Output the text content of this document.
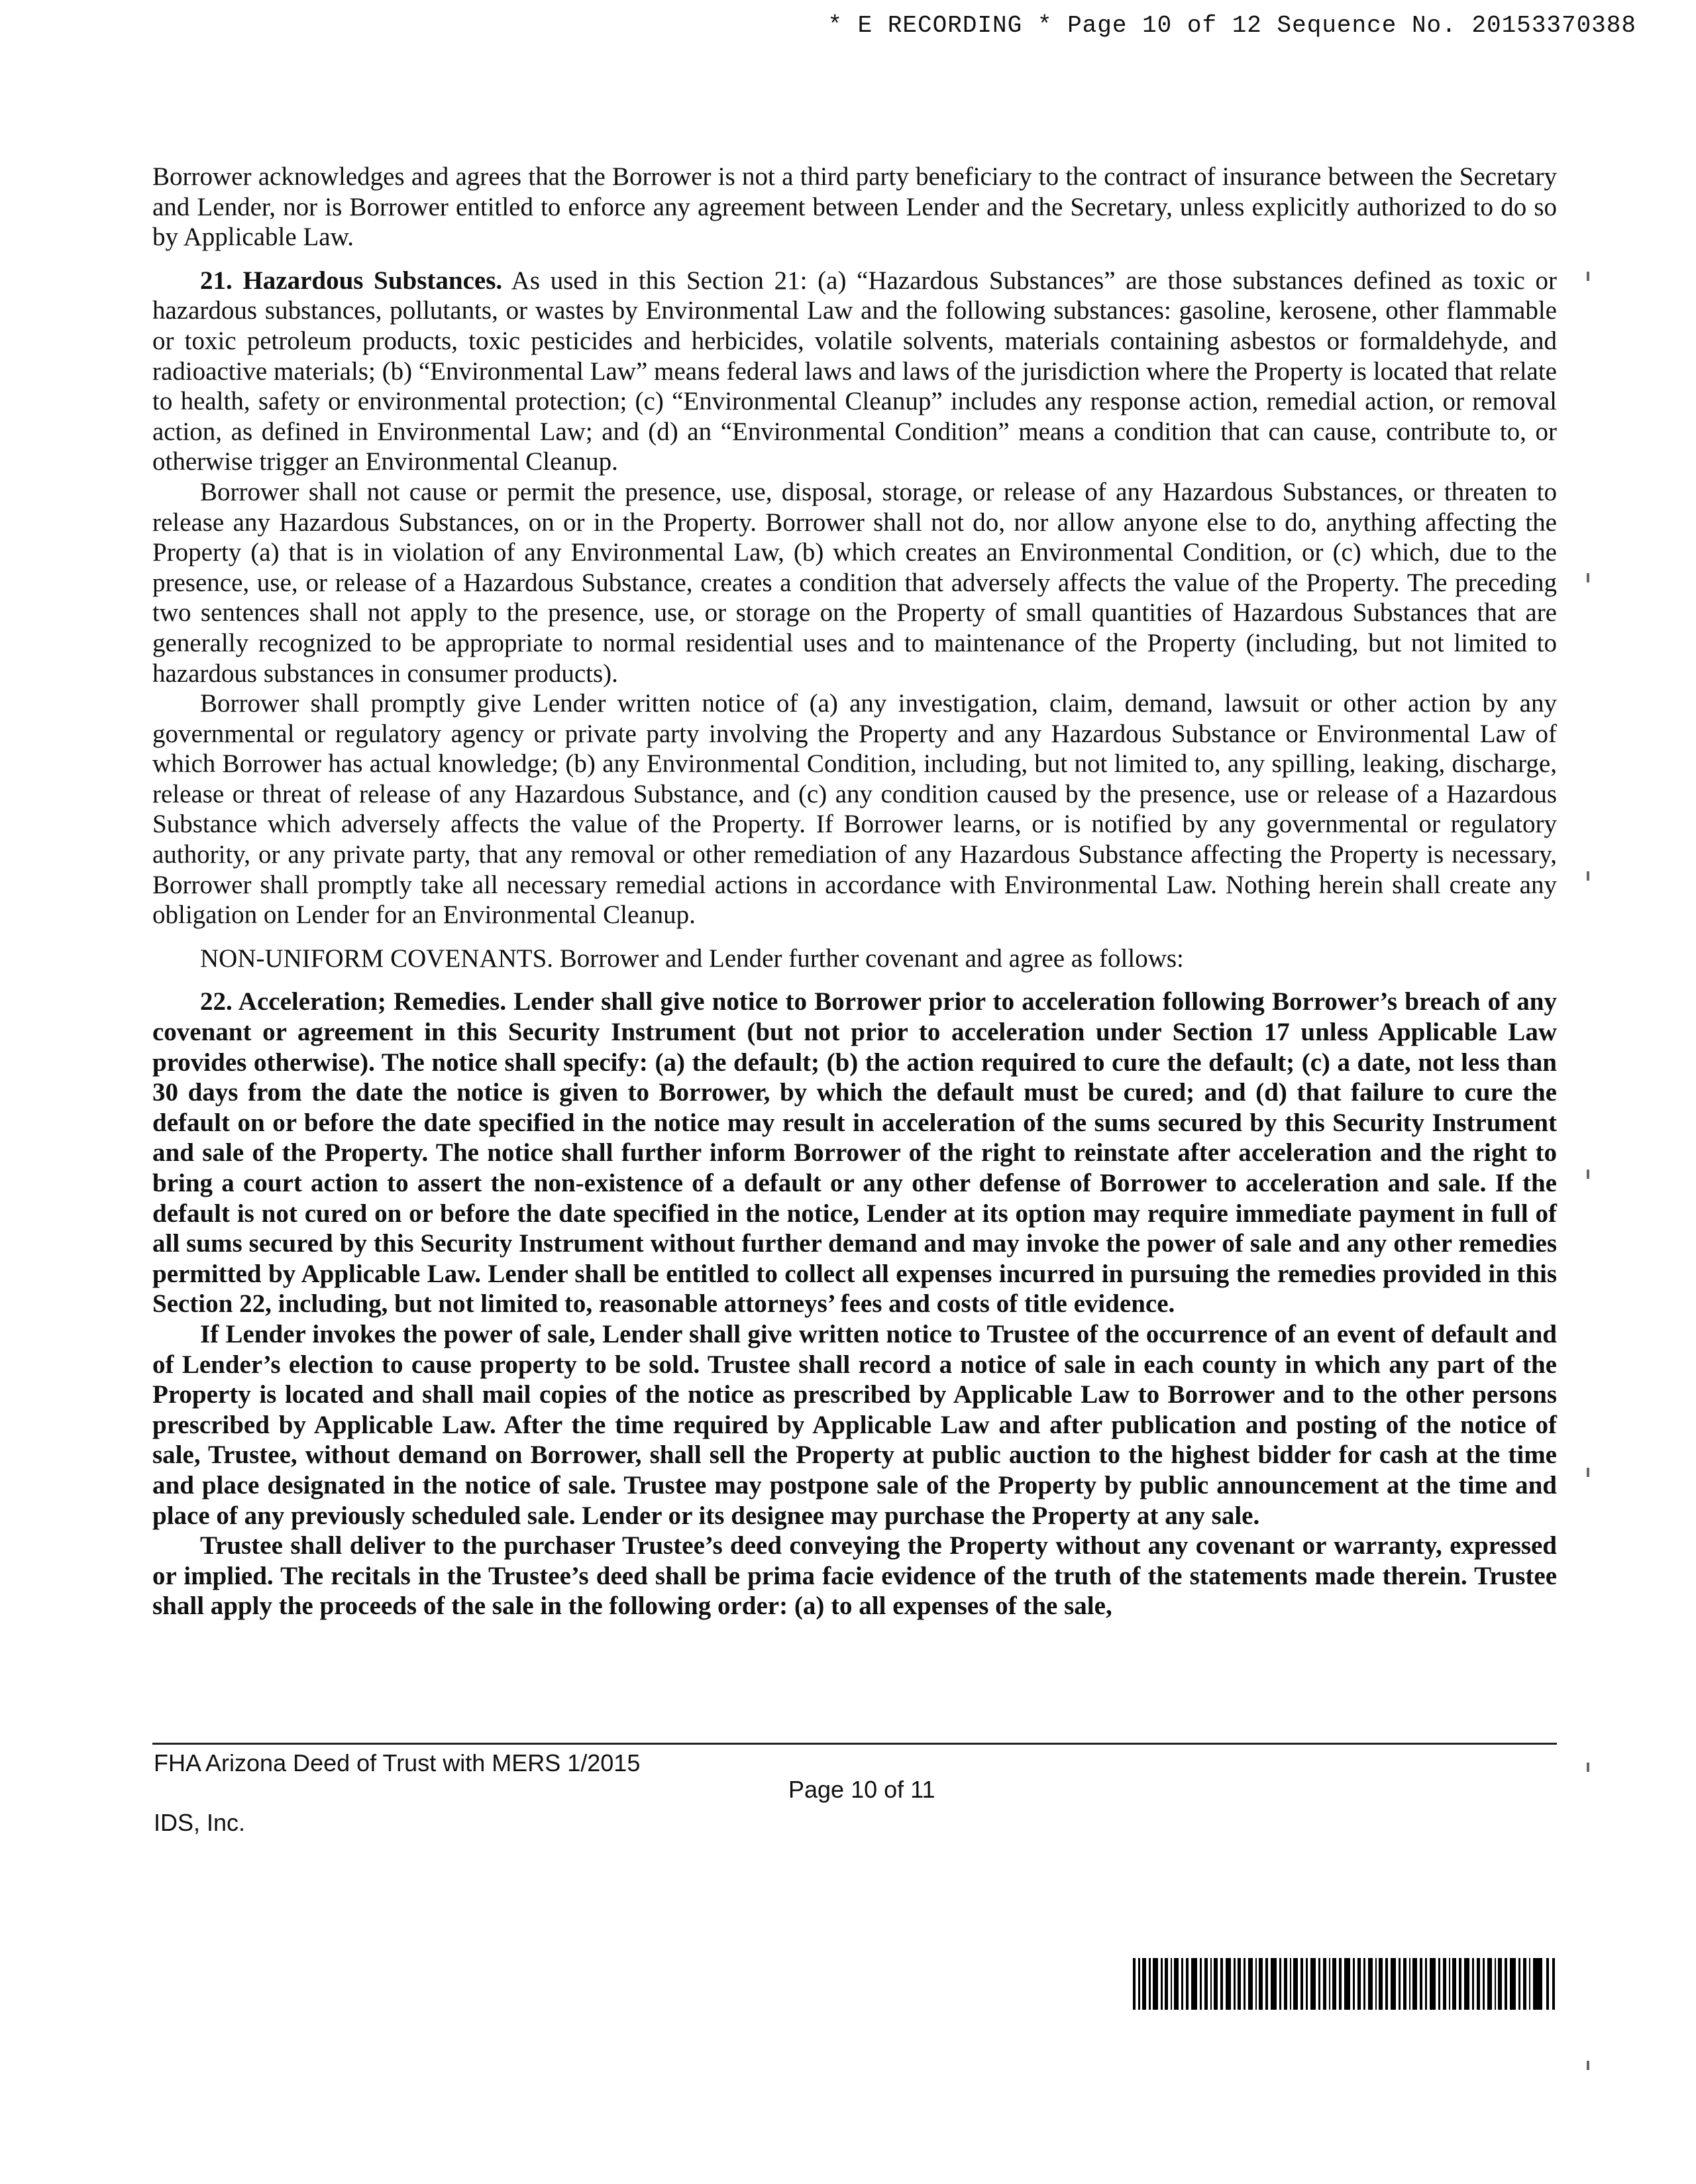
* E RECORDING * Page 10 of 12 Sequence No. 20153370388

Borrower acknowledges and agrees that the Borrower is not a third party beneficiary to the contract of insurance between the Secretary and Lender, nor is Borrower entitled to enforce any agreement between Lender and the Secretary, unless explicitly authorized to do so by Applicable Law.

21. Hazardous Substances. As used in this Section 21: (a) “Hazardous Substances” are those substances defined as toxic or hazardous substances, pollutants, or wastes by Environmental Law and the following substances: gasoline, kerosene, other flammable or toxic petroleum products, toxic pesticides and herbicides, volatile solvents, materials containing asbestos or formaldehyde, and radioactive materials; (b) “Environmental Law” means federal laws and laws of the jurisdiction where the Property is located that relate to health, safety or environmental protection; (c) “Environmental Cleanup” includes any response action, remedial action, or removal action, as defined in Environmental Law; and (d) an “Environmental Condition” means a condition that can cause, contribute to, or otherwise trigger an Environmental Cleanup.

Borrower shall not cause or permit the presence, use, disposal, storage, or release of any Hazardous Substances, or threaten to release any Hazardous Substances, on or in the Property. Borrower shall not do, nor allow anyone else to do, anything affecting the Property (a) that is in violation of any Environmental Law, (b) which creates an Environmental Condition, or (c) which, due to the presence, use, or release of a Hazardous Substance, creates a condition that adversely affects the value of the Property. The preceding two sentences shall not apply to the presence, use, or storage on the Property of small quantities of Hazardous Substances that are generally recognized to be appropriate to normal residential uses and to maintenance of the Property (including, but not limited to hazardous substances in consumer products).

Borrower shall promptly give Lender written notice of (a) any investigation, claim, demand, lawsuit or other action by any governmental or regulatory agency or private party involving the Property and any Hazardous Substance or Environmental Law of which Borrower has actual knowledge; (b) any Environmental Condition, including, but not limited to, any spilling, leaking, discharge, release or threat of release of any Hazardous Substance, and (c) any condition caused by the presence, use or release of a Hazardous Substance which adversely affects the value of the Property. If Borrower learns, or is notified by any governmental or regulatory authority, or any private party, that any removal or other remediation of any Hazardous Substance affecting the Property is necessary, Borrower shall promptly take all necessary remedial actions in accordance with Environmental Law. Nothing herein shall create any obligation on Lender for an Environmental Cleanup.

NON-UNIFORM COVENANTS. Borrower and Lender further covenant and agree as follows:

22. Acceleration; Remedies. Lender shall give notice to Borrower prior to acceleration following Borrower’s breach of any covenant or agreement in this Security Instrument (but not prior to acceleration under Section 17 unless Applicable Law provides otherwise). The notice shall specify: (a) the default; (b) the action required to cure the default; (c) a date, not less than 30 days from the date the notice is given to Borrower, by which the default must be cured; and (d) that failure to cure the default on or before the date specified in the notice may result in acceleration of the sums secured by this Security Instrument and sale of the Property. The notice shall further inform Borrower of the right to reinstate after acceleration and the right to bring a court action to assert the non-existence of a default or any other defense of Borrower to acceleration and sale. If the default is not cured on or before the date specified in the notice, Lender at its option may require immediate payment in full of all sums secured by this Security Instrument without further demand and may invoke the power of sale and any other remedies permitted by Applicable Law. Lender shall be entitled to collect all expenses incurred in pursuing the remedies provided in this Section 22, including, but not limited to, reasonable attorneys’ fees and costs of title evidence.

If Lender invokes the power of sale, Lender shall give written notice to Trustee of the occurrence of an event of default and of Lender’s election to cause property to be sold. Trustee shall record a notice of sale in each county in which any part of the Property is located and shall mail copies of the notice as prescribed by Applicable Law to Borrower and to the other persons prescribed by Applicable Law. After the time required by Applicable Law and after publication and posting of the notice of sale, Trustee, without demand on Borrower, shall sell the Property at public auction to the highest bidder for cash at the time and place designated in the notice of sale. Trustee may postpone sale of the Property by public announcement at the time and place of any previously scheduled sale. Lender or its designee may purchase the Property at any sale.

Trustee shall deliver to the purchaser Trustee’s deed conveying the Property without any covenant or warranty, expressed or implied. The recitals in the Trustee’s deed shall be prima facie evidence of the truth of the statements made therein. Trustee shall apply the proceeds of the sale in the following order: (a) to all expenses of the sale,

FHA Arizona Deed of Trust with MERS 1/2015
Page 10 of 11
IDS, Inc.
